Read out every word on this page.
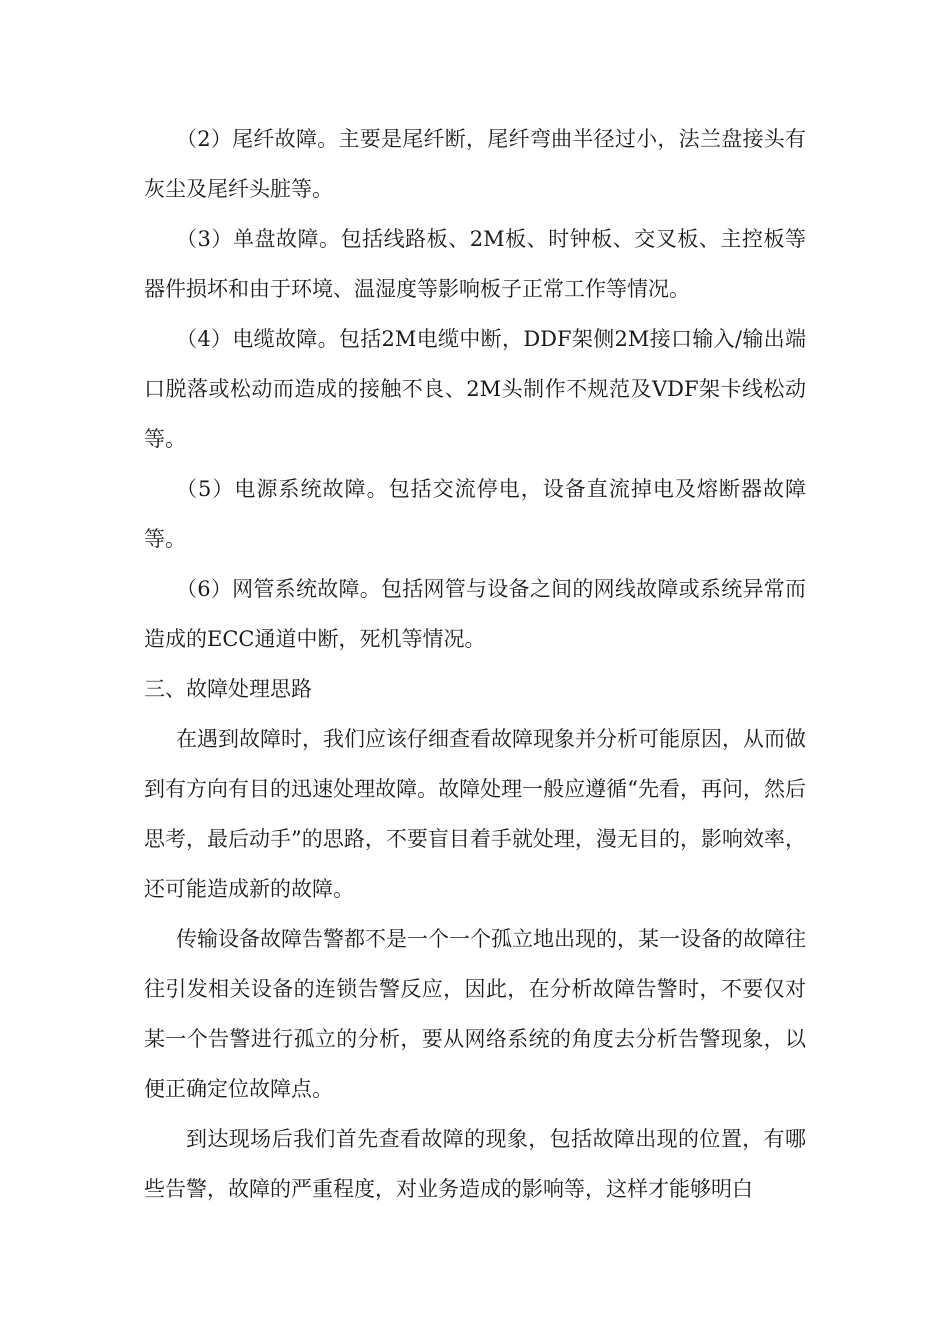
（2）尾纤故障。主要是尾纤断，尾纤弯曲半径过小，法兰盘接头有灰尘及尾纤头脏等。

（3）单盘故障。包括线路板、2M板、时钟板、交叉板、主控板等器件损坏和由于环境、温湿度等影响板子正常工作等情况。

（4）电缆故障。包括2M电缆中断，DDF架侧2M接口输入/输出端口脱落或松动而造成的接触不良、2M头制作不规范及VDF架卡线松动等。

（5）电源系统故障。包括交流停电，设备直流掉电及熔断器故障等。

（6）网管系统故障。包括网管与设备之间的网线故障或系统异常而造成的ECC通道中断，死机等情况。

三、故障处理思路

在遇到故障时，我们应该仔细查看故障现象并分析可能原因，从而做到有方向有目的迅速处理故障。故障处理一般应遵循“先看，再问，然后思考，最后动手”的思路，不要盲目着手就处理，漫无目的，影响效率，还可能造成新的故障。

传输设备故障告警都不是一个一个孤立地出现的，某一设备的故障往往引发相关设备的连锁告警反应，因此，在分析故障告警时，不要仅对某一个告警进行孤立的分析，要从网络系统的角度去分析告警现象，以便正确定位故障点。

到达现场后我们首先查看故障的现象，包括故障出现的位置，有哪些告警，故障的严重程度，对业务造成的影响等，这样才能够明白
